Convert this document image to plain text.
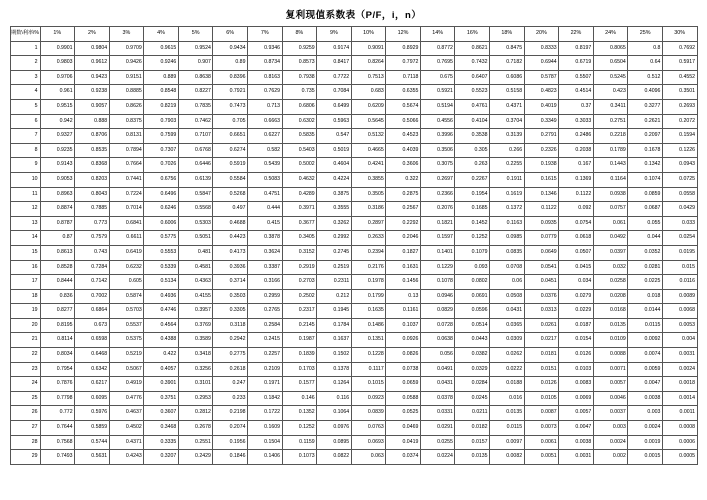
复利现值系数表（P/F，i，n）
期数\利率i%	1%	2%	3%	4%	5%	6%	7%	8%	9%	10%	12%	14%	16%	18%	20%	22%	24%	25%	30%
1	0.9901	0.9804	0.9709	0.9615	0.9524	0.9434	0.9346	0.9259	0.9174	0.9091	0.8929	0.8772	0.8621	0.8475	0.8333	0.8197	0.8065	0.8	0.7692
2	0.9803	0.9612	0.9426	0.9246	0.907	0.89	0.8734	0.8573	0.8417	0.8264	0.7972	0.7695	0.7432	0.7182	0.6944	0.6719	0.6504	0.64	0.5917
3	0.9706	0.9423	0.9151	0.889	0.8638	0.8396	0.8163	0.7938	0.7722	0.7513	0.7118	0.675	0.6407	0.6086	0.5787	0.5507	0.5245	0.512	0.4552
4	0.961	0.9238	0.8885	0.8548	0.8227	0.7921	0.7629	0.735	0.7084	0.683	0.6355	0.5921	0.5523	0.5158	0.4823	0.4514	0.423	0.4096	0.3501
5	0.9515	0.9057	0.8626	0.8219	0.7835	0.7473	0.713	0.6806	0.6499	0.6209	0.5674	0.5194	0.4761	0.4371	0.4019	0.37	0.3411	0.3277	0.2693
6	0.942	0.888	0.8375	0.7903	0.7462	0.705	0.6663	0.6302	0.5963	0.5645	0.5066	0.4556	0.4104	0.3704	0.3349	0.3033	0.2751	0.2621	0.2072
7	0.9327	0.8706	0.8131	0.7599	0.7107	0.6651	0.6227	0.5835	0.547	0.5132	0.4523	0.3996	0.3538	0.3139	0.2791	0.2486	0.2218	0.2097	0.1594
8	0.9235	0.8535	0.7894	0.7307	0.6768	0.6274	0.582	0.5403	0.5019	0.4665	0.4039	0.3506	0.305	0.266	0.2326	0.2038	0.1789	0.1678	0.1226
9	0.9143	0.8368	0.7664	0.7026	0.6446	0.5919	0.5439	0.5002	0.4604	0.4241	0.3606	0.3075	0.263	0.2255	0.1938	0.167	0.1443	0.1342	0.0943
10	0.9053	0.8203	0.7441	0.6756	0.6139	0.5584	0.5083	0.4632	0.4224	0.3855	0.322	0.2697	0.2267	0.1911	0.1615	0.1369	0.1164	0.1074	0.0725
11	0.8963	0.8043	0.7224	0.6496	0.5847	0.5268	0.4751	0.4289	0.3875	0.3505	0.2875	0.2366	0.1954	0.1619	0.1346	0.1122	0.0938	0.0859	0.0558
12	0.8874	0.7885	0.7014	0.6246	0.5568	0.497	0.444	0.3971	0.3555	0.3186	0.2567	0.2076	0.1685	0.1372	0.1122	0.092	0.0757	0.0687	0.0429
13	0.8787	0.773	0.6841	0.6006	0.5303	0.4688	0.415	0.3677	0.3262	0.2897	0.2292	0.1821	0.1452	0.1163	0.0935	0.0754	0.061	0.055	0.033
14	0.87	0.7579	0.6611	0.5775	0.5051	0.4423	0.3878	0.3405	0.2992	0.2633	0.2046	0.1597	0.1252	0.0985	0.0779	0.0618	0.0492	0.044	0.0254
15	0.8613	0.743	0.6419	0.5553	0.481	0.4173	0.3624	0.3152	0.2745	0.2394	0.1827	0.1401	0.1079	0.0835	0.0649	0.0507	0.0397	0.0352	0.0195
16	0.8528	0.7284	0.6232	0.5339	0.4581	0.3936	0.3387	0.2919	0.2519	0.2176	0.1631	0.1229	0.093	0.0708	0.0541	0.0415	0.032	0.0281	0.015
17	0.8444	0.7142	0.605	0.5134	0.4363	0.3714	0.3166	0.2703	0.2311	0.1978	0.1456	0.1078	0.0802	0.06	0.0451	0.034	0.0258	0.0225	0.0116
18	0.836	0.7002	0.5874	0.4936	0.4155	0.3503	0.2959	0.2502	0.212	0.1799	0.13	0.0946	0.0691	0.0508	0.0376	0.0279	0.0208	0.018	0.0089
19	0.8277	0.6864	0.5703	0.4746	0.3957	0.3305	0.2765	0.2317	0.1945	0.1635	0.1161	0.0829	0.0596	0.0431	0.0313	0.0229	0.0168	0.0144	0.0068
20	0.8195	0.673	0.5537	0.4564	0.3769	0.3118	0.2584	0.2145	0.1784	0.1486	0.1037	0.0728	0.0514	0.0365	0.0261	0.0187	0.0135	0.0115	0.0053
21	0.8114	0.6598	0.5375	0.4388	0.3589	0.2942	0.2415	0.1987	0.1637	0.1351	0.0926	0.0638	0.0443	0.0309	0.0217	0.0154	0.0109	0.0092	0.004
22	0.8034	0.6468	0.5219	0.422	0.3418	0.2775	0.2257	0.1839	0.1502	0.1228	0.0826	0.056	0.0382	0.0262	0.0181	0.0126	0.0088	0.0074	0.0031
23	0.7954	0.6342	0.5067	0.4057	0.3256	0.2618	0.2109	0.1703	0.1378	0.1117	0.0738	0.0491	0.0329	0.0222	0.0151	0.0103	0.0071	0.0059	0.0024
24	0.7876	0.6217	0.4919	0.3901	0.3101	0.247	0.1971	0.1577	0.1264	0.1015	0.0659	0.0431	0.0284	0.0188	0.0126	0.0083	0.0057	0.0047	0.0018
25	0.7798	0.6095	0.4776	0.3751	0.2953	0.233	0.1842	0.146	0.116	0.0923	0.0588	0.0378	0.0245	0.016	0.0105	0.0069	0.0046	0.0038	0.0014
26	0.772	0.5976	0.4637	0.3607	0.2812	0.2198	0.1722	0.1352	0.1064	0.0839	0.0525	0.0331	0.0211	0.0135	0.0087	0.0057	0.0037	0.003	0.0011
27	0.7644	0.5859	0.4502	0.3468	0.2678	0.2074	0.1609	0.1252	0.0976	0.0763	0.0469	0.0291	0.0182	0.0115	0.0073	0.0047	0.003	0.0024	0.0008
28	0.7568	0.5744	0.4371	0.3335	0.2551	0.1956	0.1504	0.1159	0.0895	0.0693	0.0419	0.0255	0.0157	0.0097	0.0061	0.0038	0.0024	0.0019	0.0006
29	0.7493	0.5631	0.4243	0.3207	0.2429	0.1846	0.1406	0.1073	0.0822	0.063	0.0374	0.0224	0.0135	0.0082	0.0051	0.0031	0.002	0.0015	0.0005
